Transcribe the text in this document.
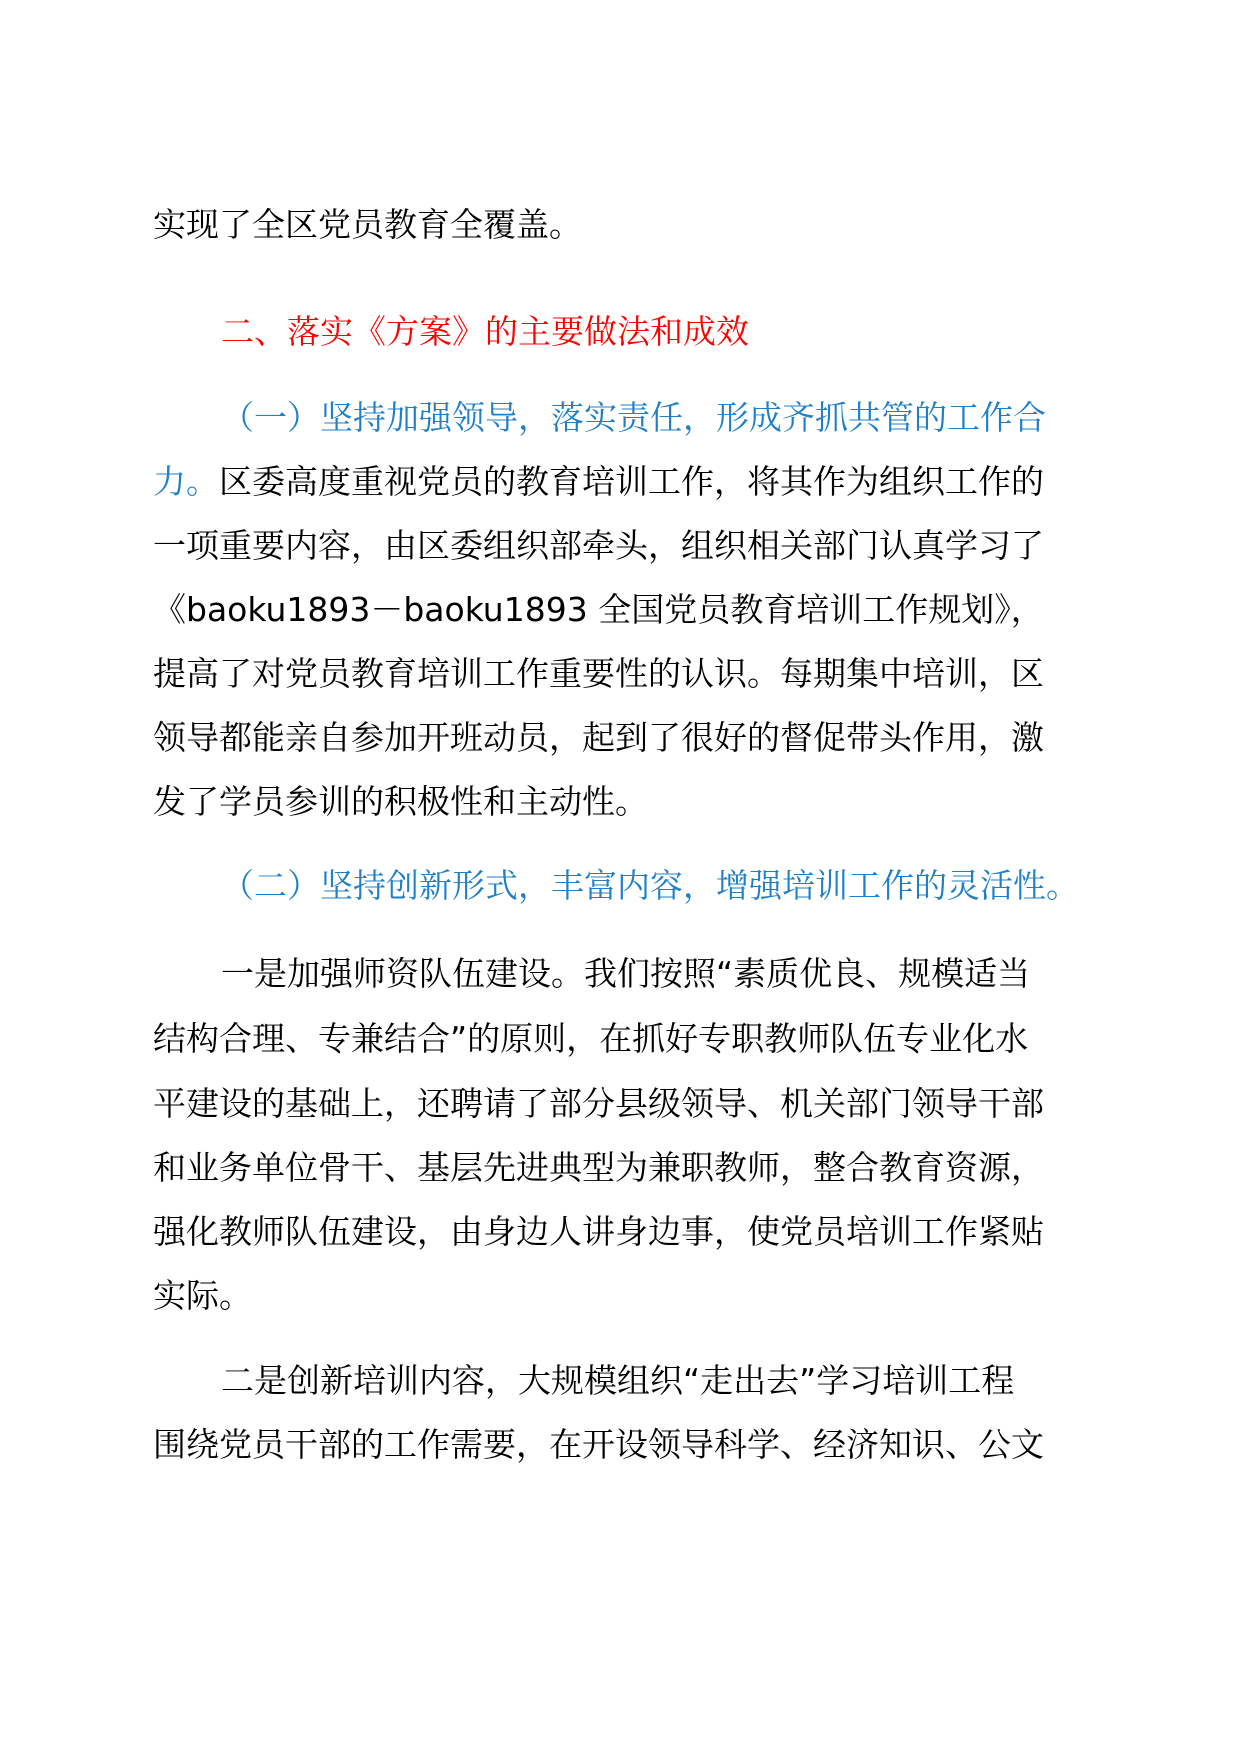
实现了全区党员教育全覆盖。
二、落实《方案》的主要做法和成效
（一）坚持加强领导，落实责任，形成齐抓共管的工作合
力。区委高度重视党员的教育培训工作，将其作为组织工作的
一项重要内容，由区委组织部牵头，组织相关部门认真学习了
《baoku1893－baoku1893 全国党员教育培训工作规划》，
提高了对党员教育培训工作重要性的认识。每期集中培训，区
领导都能亲自参加开班动员，起到了很好的督促带头作用，激
发了学员参训的积极性和主动性。
（二）坚持创新形式，丰富内容，增强培训工作的灵活性。
一是加强师资队伍建设。我们按照“素质优良、规模适当
结构合理、专兼结合”的原则，在抓好专职教师队伍专业化水
平建设的基础上，还聘请了部分县级领导、机关部门领导干部
和业务单位骨干、基层先进典型为兼职教师，整合教育资源，
强化教师队伍建设，由身边人讲身边事，使党员培训工作紧贴
实际。
二是创新培训内容，大规模组织“走出去”学习培训工程
围绕党员干部的工作需要，在开设领导科学、经济知识、公文
